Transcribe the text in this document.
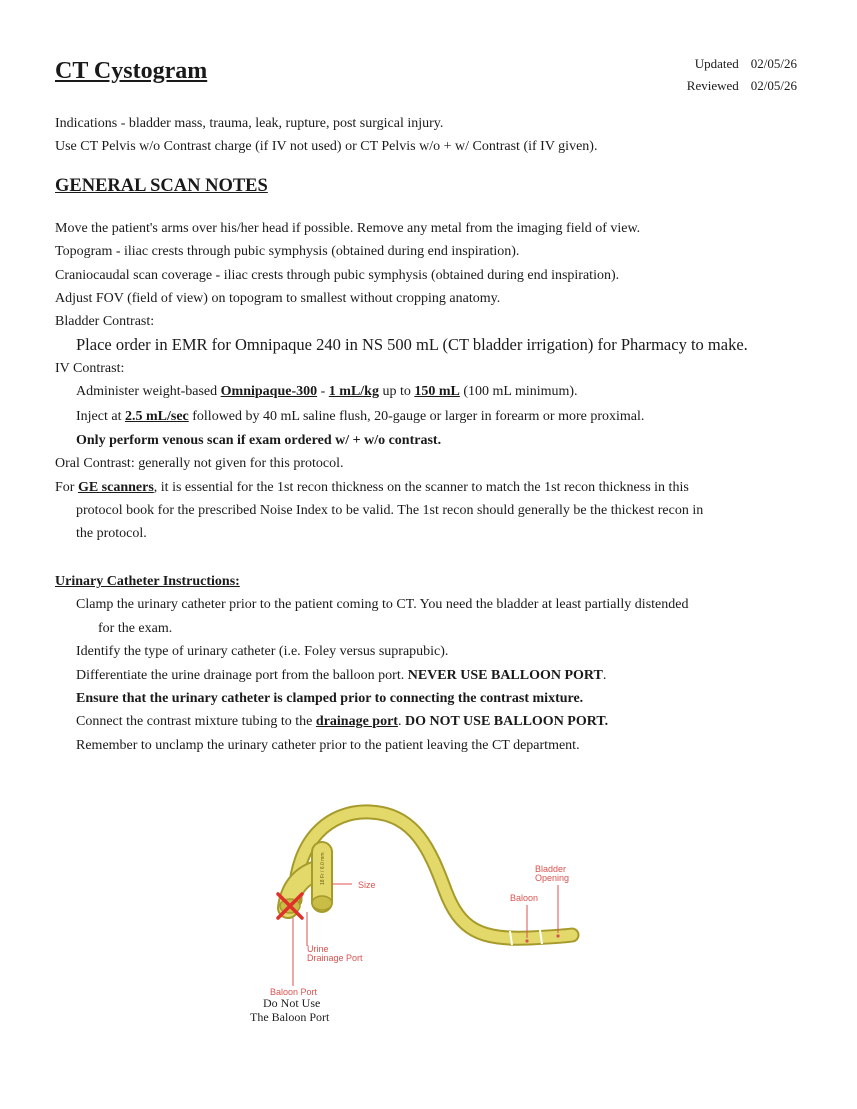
CT Cystogram	Updated 02/05/26
Reviewed 02/05/26
Indications - bladder mass, trauma, leak, rupture, post surgical injury.
Use CT Pelvis w/o Contrast charge (if IV not used) or CT Pelvis w/o + w/ Contrast (if IV given).
GENERAL SCAN NOTES
Move the patient's arms over his/her head if possible. Remove any metal from the imaging field of view.
Topogram - iliac crests through pubic symphysis (obtained during end inspiration).
Craniocaudal scan coverage - iliac crests through pubic symphysis (obtained during end inspiration).
Adjust FOV (field of view) on topogram to smallest without cropping anatomy.
Bladder Contrast:
Place order in EMR for Omnipaque 240 in NS 500 mL (CT bladder irrigation) for Pharmacy to make.
IV Contrast:
Administer weight-based Omnipaque-300 - 1 mL/kg up to 150 mL (100 mL minimum).
Inject at 2.5 mL/sec followed by 40 mL saline flush, 20-gauge or larger in forearm or more proximal.
Only perform venous scan if exam ordered w/ + w/o contrast.
Oral Contrast: generally not given for this protocol.
For GE scanners, it is essential for the 1st recon thickness on the scanner to match the 1st recon thickness in this
protocol book for the prescribed Noise Index to be valid. The 1st recon should generally be the thickest recon in
the protocol.
Urinary Catheter Instructions:
Clamp the urinary catheter prior to the patient coming to CT. You need the bladder at least partially distended
for the exam.
Identify the type of urinary catheter (i.e. Foley versus suprapubic).
Differentiate the urine drainage port from the balloon port. NEVER USE BALLOON PORT.
Ensure that the urinary catheter is clamped prior to connecting the contrast mixture.
Connect the contrast mixture tubing to the drainage port. DO NOT USE BALLOON PORT.
Remember to unclamp the urinary catheter prior to the patient leaving the CT department.
18 Fr / 6.0 mm	Size
Urine
Drainage Port
Baloon
Bladder
Opening
Baloon Port
Do Not Use
The Baloon Port
